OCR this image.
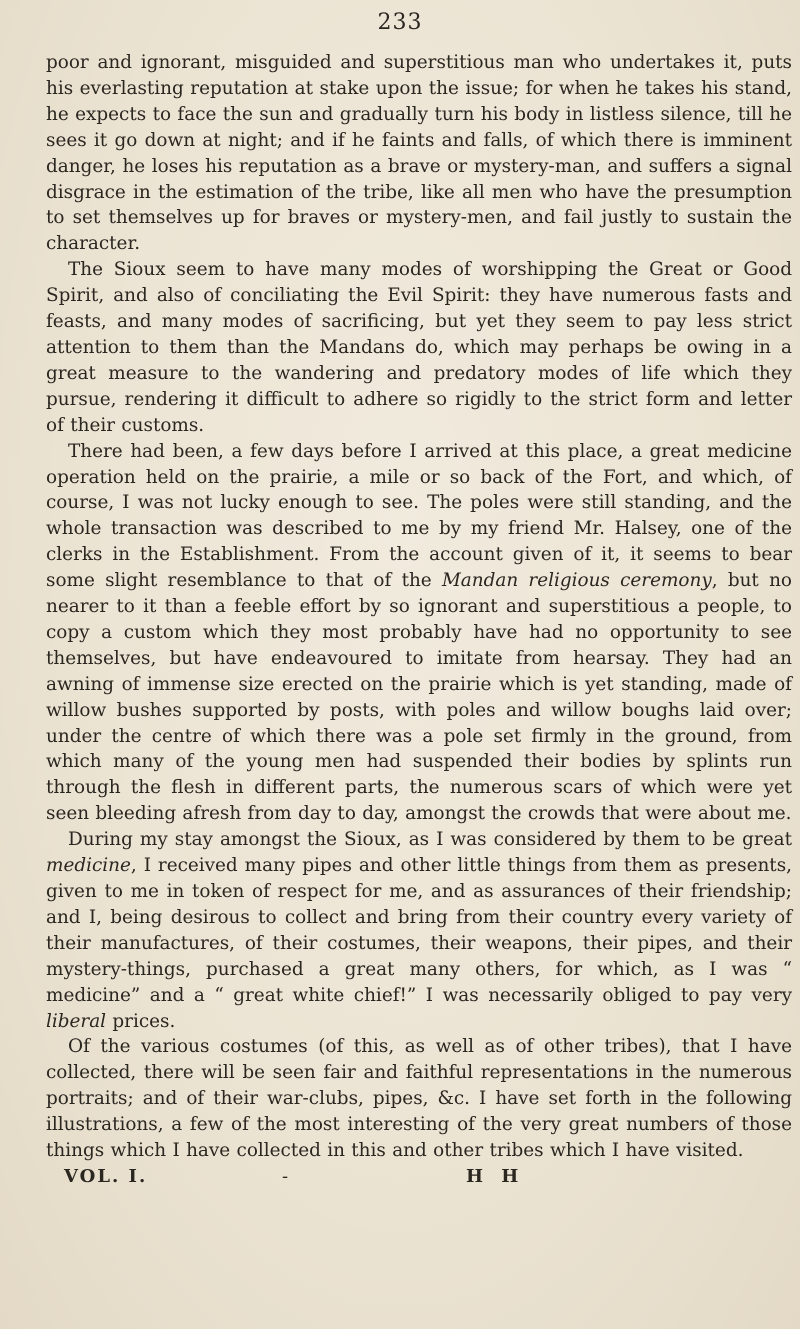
233

poor and ignorant, misguided and superstitious man who undertakes it, puts his everlasting reputation at stake upon the issue; for when he takes his stand, he expects to face the sun and gradually turn his body in listless silence, till he sees it go down at night; and if he faints and falls, of which there is imminent danger, he loses his reputation as a brave or mystery-man, and suffers a signal disgrace in the estimation of the tribe, like all men who have the presumption to set themselves up for braves or mystery-men, and fail justly to sustain the character.

The Sioux seem to have many modes of worshipping the Great or Good Spirit, and also of conciliating the Evil Spirit: they have numerous fasts and feasts, and many modes of sacrificing, but yet they seem to pay less strict attention to them than the Mandans do, which may perhaps be owing in a great measure to the wandering and predatory modes of life which they pursue, rendering it difficult to adhere so rigidly to the strict form and letter of their customs.

There had been, a few days before I arrived at this place, a great medicine operation held on the prairie, a mile or so back of the Fort, and which, of course, I was not lucky enough to see. The poles were still standing, and the whole transaction was described to me by my friend Mr. Halsey, one of the clerks in the Establishment. From the account given of it, it seems to bear some slight resemblance to that of the Mandan religious ceremony, but no nearer to it than a feeble effort by so ignorant and superstitious a people, to copy a custom which they most probably have had no opportunity to see themselves, but have endeavoured to imitate from hearsay. They had an awning of immense size erected on the prairie which is yet standing, made of willow bushes supported by posts, with poles and willow boughs laid over; under the centre of which there was a pole set firmly in the ground, from which many of the young men had suspended their bodies by splints run through the flesh in different parts, the numerous scars of which were yet seen bleeding afresh from day to day, amongst the crowds that were about me.

During my stay amongst the Sioux, as I was considered by them to be great medicine, I received many pipes and other little things from them as presents, given to me in token of respect for me, and as assurances of their friendship; and I, being desirous to collect and bring from their country every variety of their manufactures, of their costumes, their weapons, their pipes, and their mystery-things, purchased a great many others, for which, as I was “ medicine” and a “ great white chief!” I was necessarily obliged to pay very liberal prices.

Of the various costumes (of this, as well as of other tribes), that I have collected, there will be seen fair and faithful representations in the numerous portraits; and of their war-clubs, pipes, &c. I have set forth in the following illustrations, a few of the most interesting of the very great numbers of those things which I have collected in this and other tribes which I have visited.

VOL. I.	-	H H
